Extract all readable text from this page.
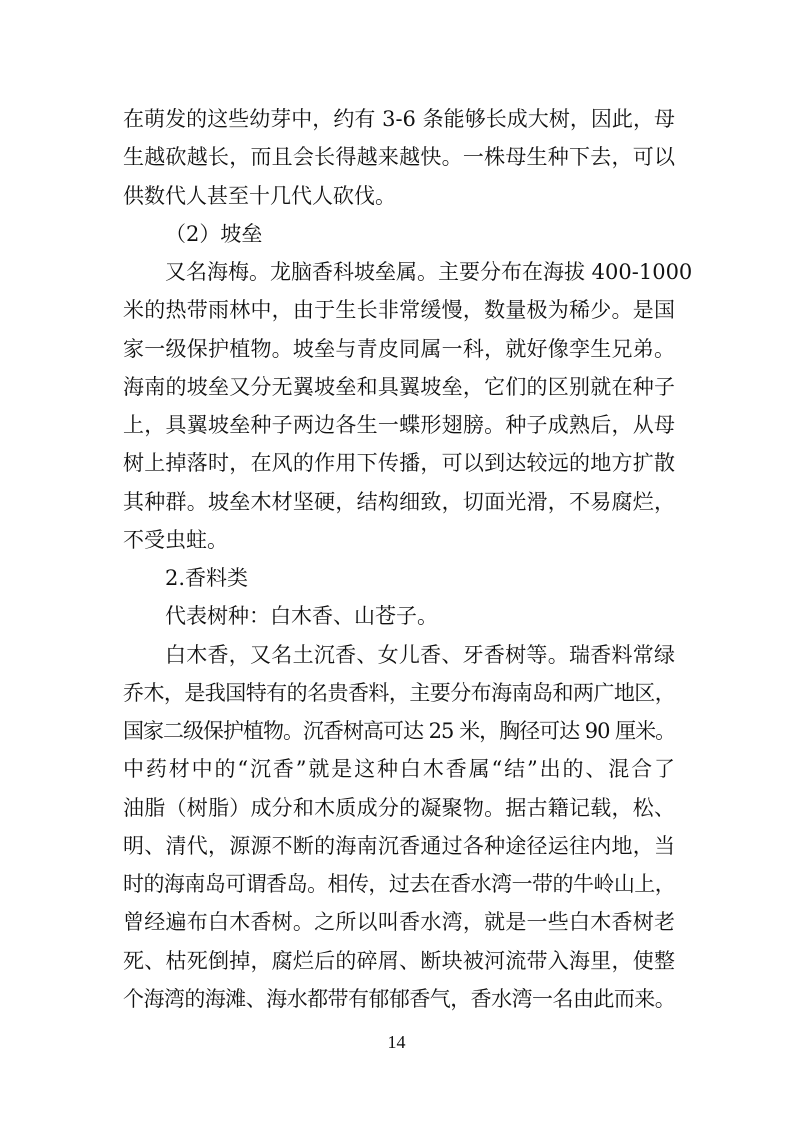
在萌发的这些幼芽中，约有 3-6 条能够长成大树，因此，母
生越砍越长，而且会长得越来越快。一株母生种下去，可以
供数代人甚至十几代人砍伐。
（2）坡垒
又名海梅。龙脑香科坡垒属。主要分布在海拔 400-1000
米的热带雨林中，由于生长非常缓慢，数量极为稀少。是国
家一级保护植物。坡垒与青皮同属一科，就好像孪生兄弟。
海南的坡垒又分无翼坡垒和具翼坡垒，它们的区别就在种子
上，具翼坡垒种子两边各生一蝶形翅膀。种子成熟后，从母
树上掉落时，在风的作用下传播，可以到达较远的地方扩散
其种群。坡垒木材坚硬，结构细致，切面光滑，不易腐烂，
不受虫蛀。
2.香料类
代表树种：白木香、山苍子。
白木香，又名土沉香、女儿香、牙香树等。瑞香料常绿
乔木，是我国特有的名贵香料，主要分布海南岛和两广地区，
国家二级保护植物。沉香树高可达 25 米，胸径可达 90 厘米。
中药材中的“沉香”就是这种白木香属“结”出的、混合了
油脂（树脂）成分和木质成分的凝聚物。据古籍记载，松、
明、清代，源源不断的海南沉香通过各种途径运往内地，当
时的海南岛可谓香岛。相传，过去在香水湾一带的牛岭山上，
曾经遍布白木香树。之所以叫香水湾，就是一些白木香树老
死、枯死倒掉，腐烂后的碎屑、断块被河流带入海里，使整
个海湾的海滩、海水都带有郁郁香气，香水湾一名由此而来。
14
